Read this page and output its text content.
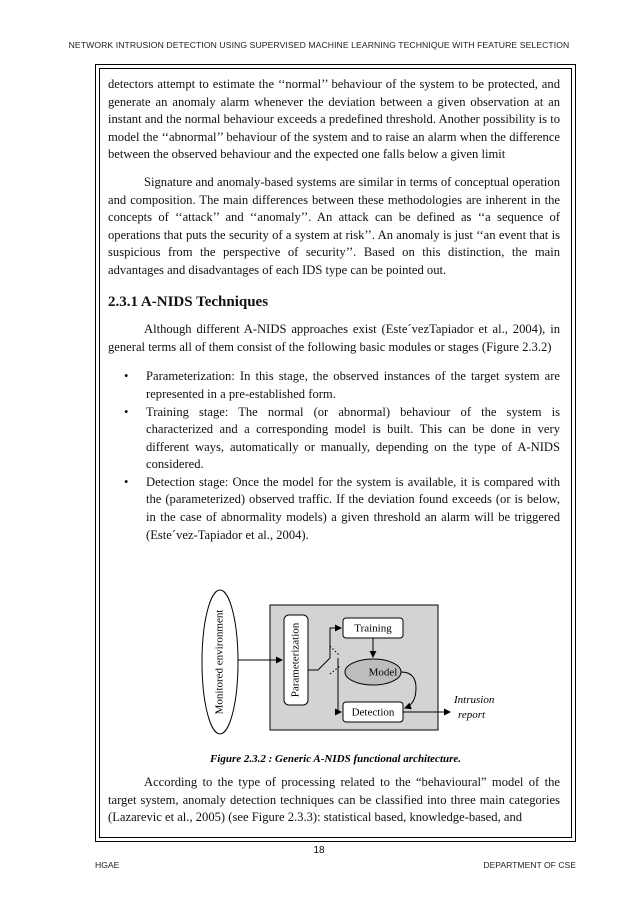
NETWORK INTRUSION DETECTION USING SUPERVISED MACHINE LEARNING TECHNIQUE WITH FEATURE SELECTION

detectors attempt to estimate the ‘‘normal’’ behaviour of the system to be protected, and generate an anomaly alarm whenever the deviation between a given observation at an instant and the normal behaviour exceeds a predefined threshold. Another possibility is to model the ‘‘abnormal’’ behaviour of the system and to raise an alarm when the difference between the observed behaviour and the expected one falls below a given limit

Signature and anomaly-based systems are similar in terms of conceptual operation and composition. The main differences between these methodologies are inherent in the concepts of ‘‘attack’’ and ‘‘anomaly’’. An attack can be defined as ‘‘a sequence of operations that puts the security of a system at risk’’. An anomaly is just ‘‘an event that is suspicious from the perspective of security’’. Based on this distinction, the main advantages and disadvantages of each IDS type can be pointed out.

2.3.1 A-NIDS Techniques

Although different A-NIDS approaches exist (Este´vezTapiador et al., 2004), in general terms all of them consist of the following basic modules or stages (Figure 2.3.2)

• Parameterization: In this stage, the observed instances of the target system are represented in a pre-established form.
• Training stage: The normal (or abnormal) behaviour of the system is characterized and a corresponding model is built. This can be done in very different ways, automatically or manually, depending on the type of A-NIDS considered.
• Detection stage: Once the model for the system is available, it is compared with the (parameterized) observed traffic. If the deviation found exceeds (or is below, in the case of abnormality models) a given threshold an alarm will be triggered (Este´vez-Tapiador et al., 2004).
Monitored environment	Parameterization	Training
Model
Detection
Intrusion
report
Figure 2.3.2 : Generic A-NIDS functional architecture.

According to the type of processing related to the “behavioural” model of the target system, anomaly detection techniques can be classified into three main categories (Lazarevic et al., 2005) (see Figure 2.3.3): statistical based, knowledge-based, and

18
HGAE	DEPARTMENT OF CSE
